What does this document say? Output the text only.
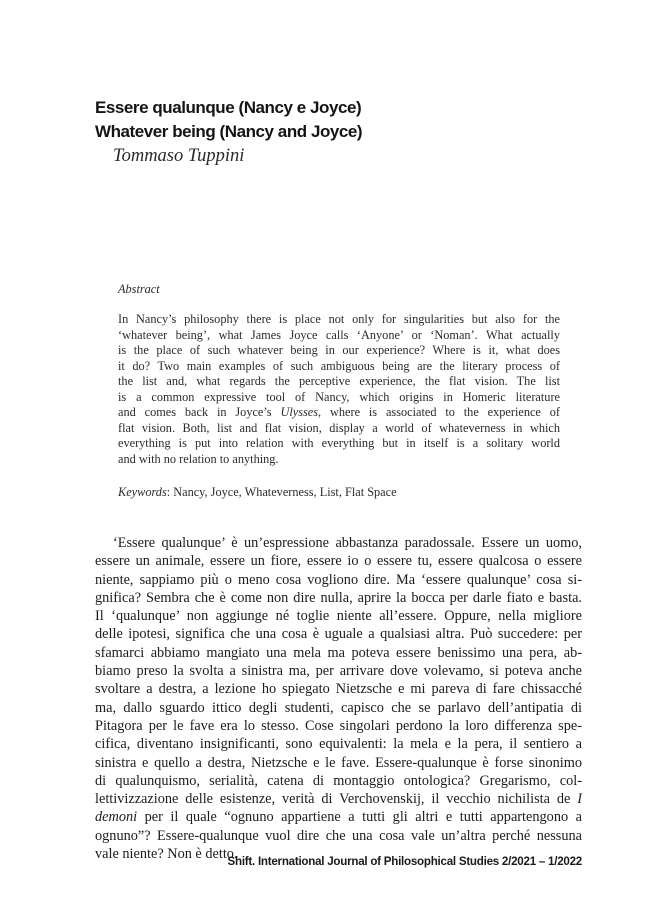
Essere qualunque (Nancy e Joyce)
Whatever being (Nancy and Joyce)
Tommaso Tuppini
Abstract
In Nancy’s philosophy there is place not only for singularities but also for the
‘whatever being’, what James Joyce calls ‘Anyone’ or ‘Noman’. What actually
is the place of such whatever being in our experience? Where is it, what does
it do? Two main examples of such ambiguous being are the literary process of
the list and, what regards the perceptive experience, the flat vision. The list
is a common expressive tool of Nancy, which origins in Homeric literature
and comes back in Joyce’s Ulysses, where is associated to the experience of
flat vision. Both, list and flat vision, display a world of whateverness in which
everything is put into relation with everything but in itself is a solitary world
and with no relation to anything.
Keywords: Nancy, Joyce, Whateverness, List, Flat Space
‘Essere qualunque’ è un’espressione abbastanza paradossale. Essere un uomo,
essere un animale, essere un fiore, essere io o essere tu, essere qualcosa o essere
niente, sappiamo più o meno cosa vogliono dire. Ma ‘essere qualunque’ cosa si-
gnifica? Sembra che è come non dire nulla, aprire la bocca per darle fiato e basta.
Il ‘qualunque’ non aggiunge né toglie niente all’essere. Oppure, nella migliore
delle ipotesi, significa che una cosa è uguale a qualsiasi altra. Può succedere: per
sfamarci abbiamo mangiato una mela ma poteva essere benissimo una pera, ab-
biamo preso la svolta a sinistra ma, per arrivare dove volevamo, si poteva anche
svoltare a destra, a lezione ho spiegato Nietzsche e mi pareva di fare chissacché
ma, dallo sguardo ittico degli studenti, capisco che se parlavo dell’antipatia di
Pitagora per le fave era lo stesso. Cose singolari perdono la loro differenza spe-
cifica, diventano insignificanti, sono equivalenti: la mela e la pera, il sentiero a
sinistra e quello a destra, Nietzsche e le fave. Essere-qualunque è forse sinonimo
di qualunquismo, serialità, catena di montaggio ontologica? Gregarismo, col-
lettivizzazione delle esistenze, verità di Verchovenskij, il vecchio nichilista de I
demoni per il quale “ognuno appartiene a tutti gli altri e tutti appartengono a
ognuno”? Essere-qualunque vuol dire che una cosa vale un’altra perché nessuna
vale niente? Non è detto.
Shift. International Journal of Philosophical Studies 2/2021 – 1/2022
